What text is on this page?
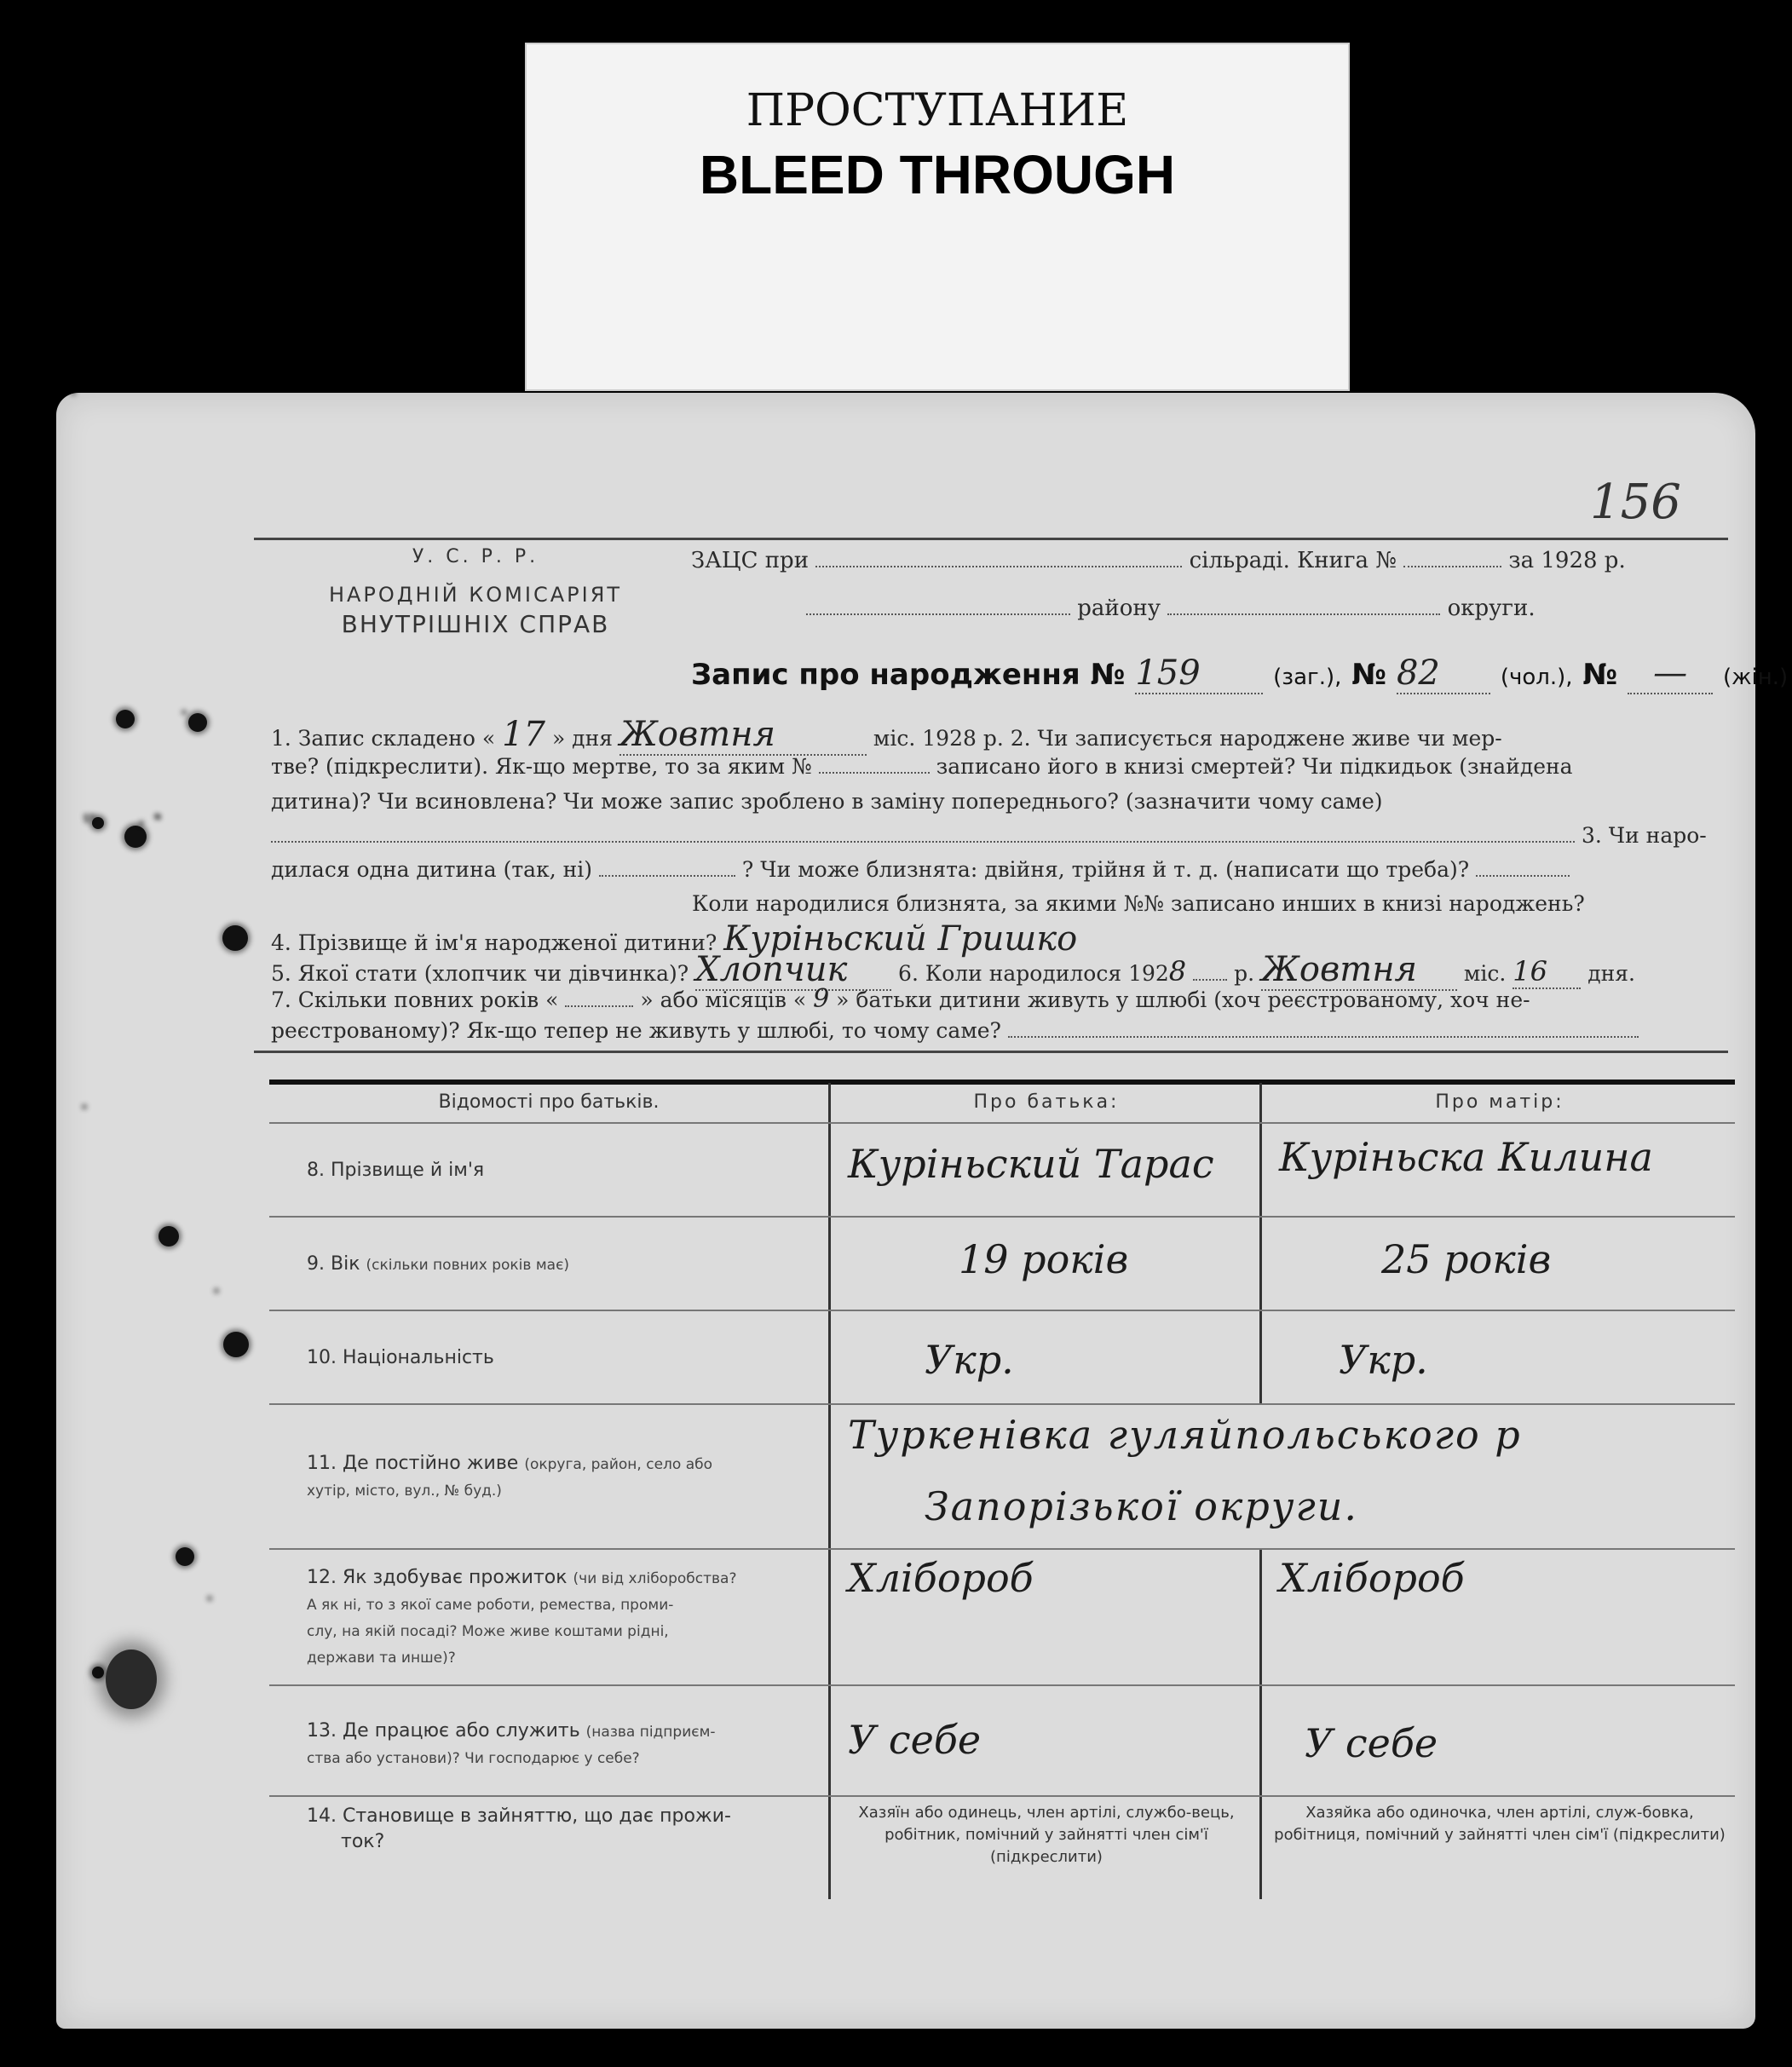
ПРОСТУПАНИЕ
BLEED THROUGH
156
У. С. Р. Р.
НАРОДНІЙ КОМІСАРІЯТ
ВНУТРІШНІХ СПРАВ
ЗАЦС при	сільраді. Книга №	за 1928 р.
району	округи.
Запис про народження № 159	(заг.), № 82	(чол.), № — (жін.)
1. Запис складено « 17 » дня Жовтня	міс. 1928 р. 2. Чи записується народжене живе чи мер-
тве? (підкреслити). Як-що мертве, то за яким №	записано його в книзі смертей? Чи підкидьок (знайдена
дитина)? Чи всиновлена? Чи може запис зроблено в заміну попереднього? (зазначити чому саме)
3. Чи наро-
дилася одна дитина (так, ні)	? Чи може близнята: двійня, трійня й т. д. (написати що треба)?
Коли народилися близнята, за якими №№ записано инших в книзі народжень?
4. Прізвище й ім'я народженої дитини? Куріньский Гришко
5. Якої стати (хлопчик чи дівчинка)? Хлопчик 6. Коли народилося 1928 р. Жовтня міс. 16 дня.
7. Скільки повних років «	» або місяців « 9 » батьки дитини живуть у шлюбі (хоч реєстрованому, хоч не-
реєстрованому)? Як-що тепер не живуть у шлюбі, то чому саме?
Відомості про батьків.	Про батька:	Про матір:
8. Прізвище й ім'я	Куріньский Тарас	Куріньска Килина
9. Вік (скільки повних років має)	19 років	25 років
10. Національність	Укр.	Укр.
11. Де постійно живе (округа, район, село або
хутір, місто, вул., № буд.)
Туркенівка гуляйпольського р
Запорізької округи.
12. Як здобуває прожиток (чи від хліборобства?
А як ні, то з якої саме роботи, ремества, проми-
слу, на якій посаді? Може живе коштами рідні,
держави та инше)?
Хлібороб	Хлібороб
13. Де працює або служить (назва підприєм-
ства або установи)? Чи господарює у себе?	У себе	У себе
14. Становище в зайняттю, що дає прожи-
ток?
Хазяїн або одинець, член артілі, службо-вець, робітник, помічний у зайнятті член сім'ї (підкреслити)
Хазяйка або одиночка, член артілі, служ-бовка, робітниця, помічний у зайнятті член сім'ї (підкреслити)
